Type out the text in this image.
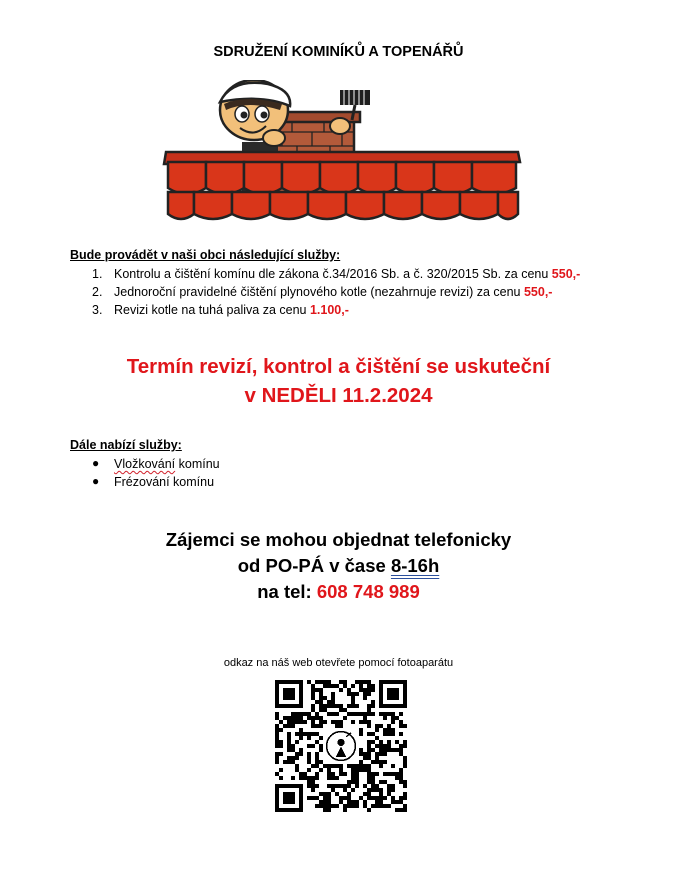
SDRUŽENÍ KOMINÍKŮ A TOPENÁŘŮ
Bude provádět v naši obci následující služby:
1. Kontrolu a čištění komínu dle zákona č.34/2016 Sb. a č. 320/2015 Sb. za cenu 550,-
2. Jednoroční pravidelné čištění plynového kotle (nezahrnuje revizi) za cenu 550,-
3. Revizi kotle na tuhá paliva za cenu 1.100,-
Termín revizí, kontrol a čištění se uskuteční
v NEDĚLI 11.2.2024
Dále nabízí služby:
● Vložkování komínu
● Frézování komínu
Zájemci se mohou objednat telefonicky
od PO-PÁ v čase 8-16h
na tel: 608 748 989
odkaz na náš web otevřete pomocí fotoaparátu
